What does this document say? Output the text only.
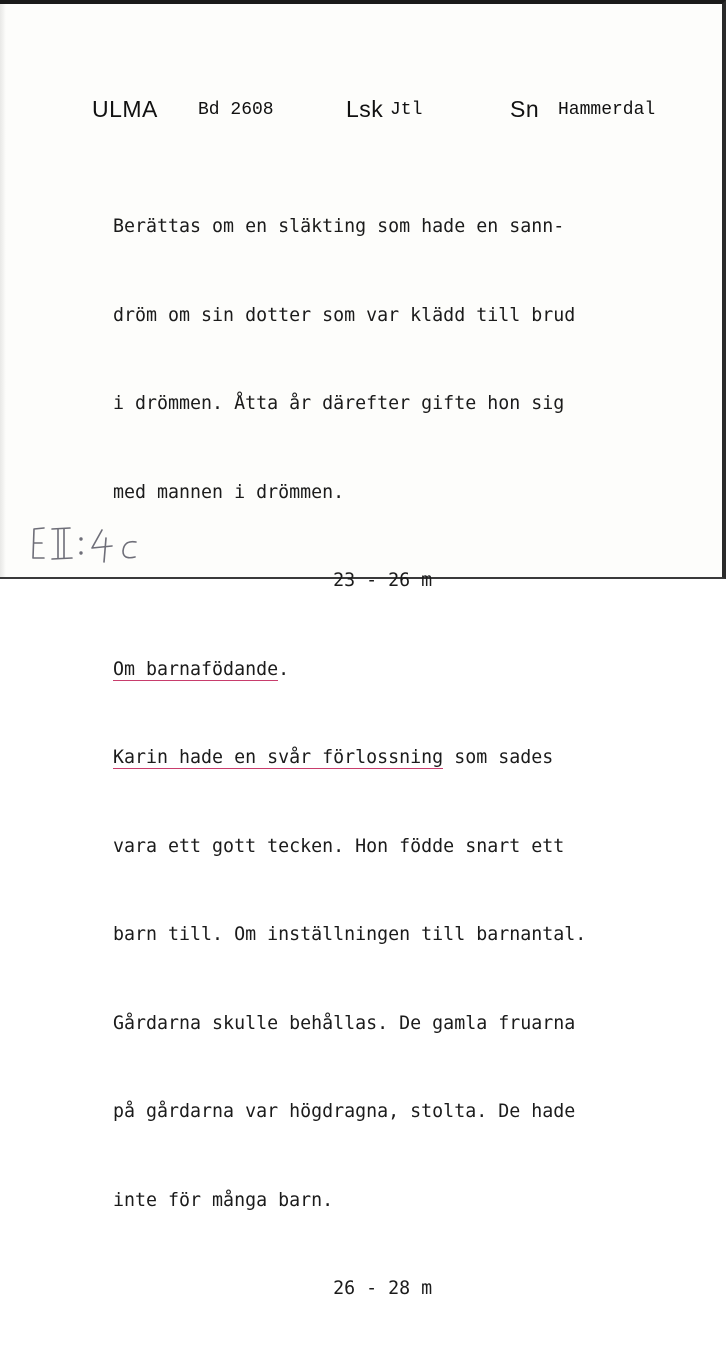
ULMA Bd 2608	Lsk Jtl	Sn Hammerdal

Berättas om en släkting som hade en sann-

dröm om sin dotter som var klädd till brud

i drömmen. Åtta år därefter gifte hon sig

med mannen i drömmen.

23 - 26 m

Om barnafödande.

Karin hade en svår förlossning som sades

vara ett gott tecken. Hon födde snart ett

barn till. Om inställningen till barnantal.

Gårdarna skulle behållas. De gamla fruarna

på gårdarna var högdragna, stolta. De hade

inte för många barn.

26 - 28 m
